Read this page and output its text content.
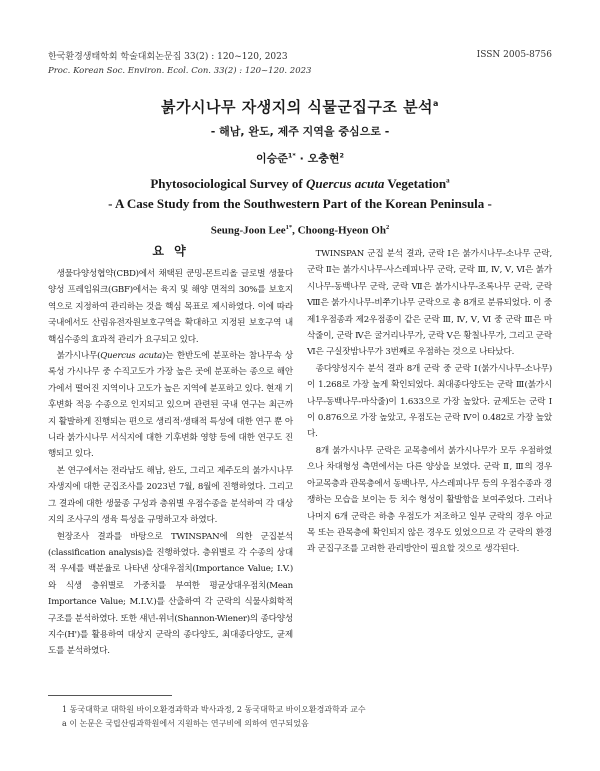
한국환경생태학회 학술대회논문집 33(2) : 120~120, 2023
Proc. Korean Soc. Environ. Ecol. Con. 33(2) : 120~120. 2023
ISSN 2005-8756
붉가시나무 자생지의 식물군집구조 분석$^a$
- 해남, 완도, 제주 지역을 중심으로 -
이승준$^{1*}$ · 오충현$^2$
Phytosociological Survey of Quercus acuta Vegetation$^a$
- A Case Study from the Southwestern Part of the Korean Peninsula -
Seung-Joon Lee$^{1*}$, Choong-Hyeon Oh$^2$
요 약

생물다양성협약(CBD)에서 채택된 쿤밍-몬트리올 글로벌 생물다양성 프레임워크(GBF)에서는 육지 및 해양 면적의 30%를 보호지역으로 지정하여 관리하는 것을 핵심 목표로 제시하였다. 이에 따라 국내에서도 산림유전자원보호구역을 확대하고 지정된 보호구역 내 핵심수종의 효과적 관리가 요구되고 있다.

붉가시나무(Quercus acuta)는 한반도에 분포하는 참나무속 상록성 가시나무 중 수직고도가 가장 높은 곳에 분포하는 종으로 해안가에서 떨어진 지역이나 고도가 높은 지역에 분포하고 있다. 현재 기후변화 적응 수종으로 인지되고 있으며 관련된 국내 연구는 최근까지 활발하게 진행되는 편으로 생리적·생태적 특성에 대한 연구 뿐 아니라 붉가시나무 서식지에 대한 기후변화 영향 등에 대한 연구도 진행되고 있다.

본 연구에서는 전라남도 해남, 완도, 그리고 제주도의 붉가시나무 자생지에 대한 군집조사를 2023년 7월, 8월에 진행하였다. 그리고 그 결과에 대한 생물종 구성과 층위별 우점수종을 분석하여 각 대상지의 조사구의 생육 특성을 규명하고자 하였다.

현장조사 결과를 바탕으로 TWINSPAN에 의한 군집분석(classification analysis)을 진행하였다. 층위별로 각 수종의 상대적 우세를 백분율로 나타낸 상대우점치(Importance Value; I.V.)와 식생 층위별로 가중치를 부여한 평균상대우점치(Mean Importance Value; M.I.V.)를 산출하여 각 군락의 식물사회학적 구조를 분석하였다. 또한 섀넌-위너(Shannon-Wiener)의 종다양성 지수(H')를 활용하여 대상지 군락의 종다양도, 최대종다양도, 균제도를 분석하였다.

TWINSPAN 군집 분석 결과, 군락 Ⅰ은 붉가시나무-소나무 군락, 군락 Ⅱ는 붉가시나무-사스레피나무 군락, 군락 Ⅲ, Ⅳ, Ⅴ, Ⅵ은 붉가시나무-동백나무 군락, 군락 Ⅶ은 붉가시나무-조록나무 군락, 군락 Ⅷ은 붉가시나무-비쭈기나무 군락으로 총 8개로 분류되었다. 이 중 제1우점종과 제2우점종이 같은 군락 Ⅲ, Ⅳ, Ⅴ, Ⅵ 중 군락 Ⅲ은 마삭줄이, 군락 Ⅳ은 굴거리나무가, 군락 Ⅴ은 황칠나무가, 그리고 군락 Ⅵ은 구실잣밤나무가 3번째로 우점하는 것으로 나타났다.

종다양성지수 분석 결과 8개 군락 중 군락 Ⅰ(붉가시나무-소나무)이 1.268로 가장 높게 확인되었다. 최대종다양도는 군락 Ⅲ(붉가시나무-동백나무-마삭줄)이 1.633으로 가장 높았다. 균제도는 군락 Ⅰ이 0.876으로 가장 높았고, 우점도는 군락 Ⅳ이 0.482로 가장 높았다.

8개 붉가시나무 군락은 교목층에서 붉가시나무가 모두 우점하였으나 차대형성 측면에서는 다른 양상을 보였다. 군락 Ⅱ, Ⅲ의 경우 아교목층과 관목층에서 동백나무, 사스레피나무 등의 우점수종과 경쟁하는 모습을 보이는 등 치수 형성이 활발함을 보여주었다. 그러나 나머지 6개 군락은 하층 우점도가 저조하고 일부 군락의 경우 아교목 또는 관목층에 확인되지 않은 경우도 있었으므로 각 군락의 환경과 군집구조를 고려한 관리방안이 필요할 것으로 생각된다.

1 동국대학교 대학원 바이오환경과학과 박사과정, 2 동국대학교 바이오환경과학과 교수
a 이 논문은 국립산림과학원에서 지원하는 연구비에 의하여 연구되었음
